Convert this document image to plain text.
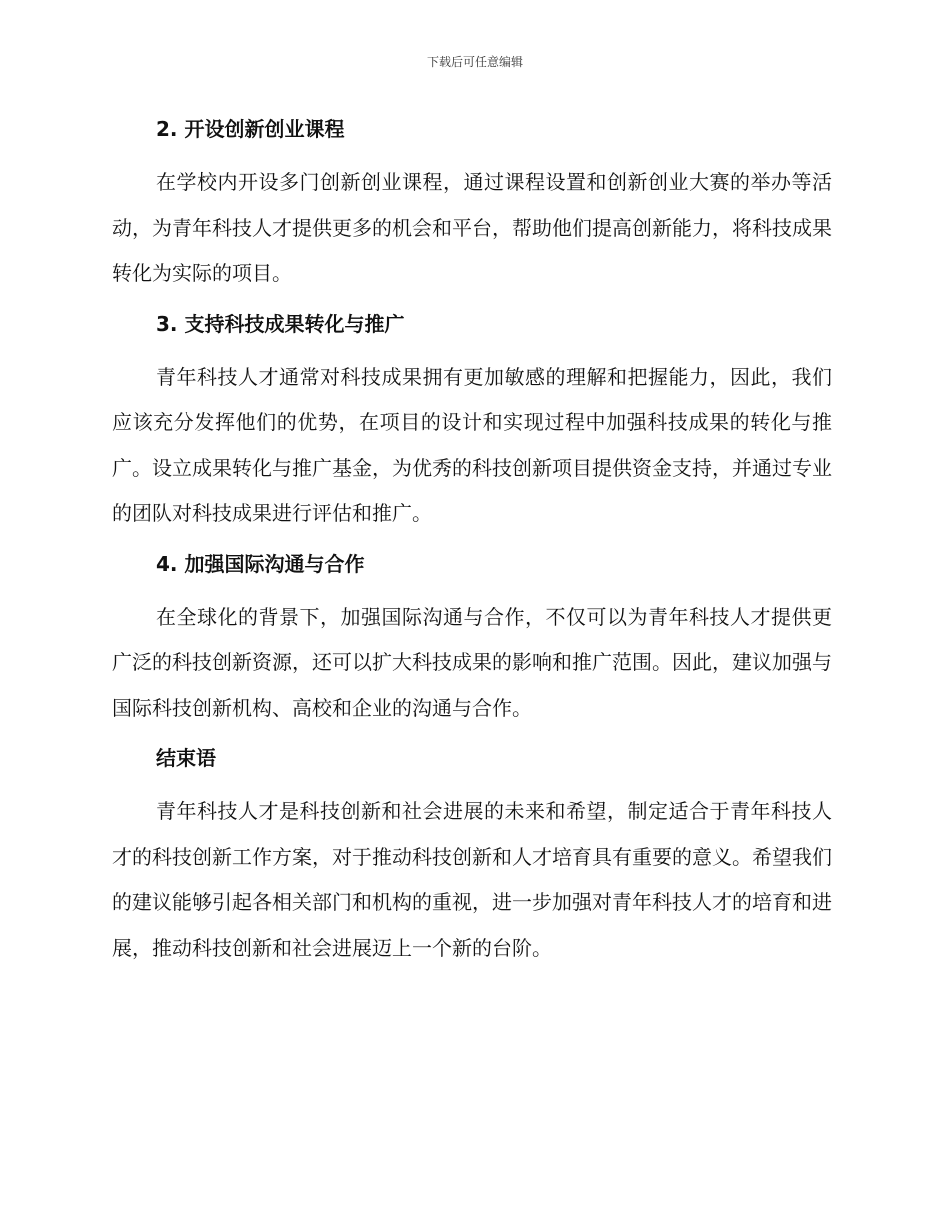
下载后可任意编辑
2. 开设创新创业课程

在学校内开设多门创新创业课程，通过课程设置和创新创业大赛的举办等活动，为青年科技人才提供更多的机会和平台，帮助他们提高创新能力，将科技成果转化为实际的项目。

3. 支持科技成果转化与推广

青年科技人才通常对科技成果拥有更加敏感的理解和把握能力，因此，我们应该充分发挥他们的优势，在项目的设计和实现过程中加强科技成果的转化与推广。设立成果转化与推广基金，为优秀的科技创新项目提供资金支持，并通过专业的团队对科技成果进行评估和推广。

4. 加强国际沟通与合作

在全球化的背景下，加强国际沟通与合作，不仅可以为青年科技人才提供更广泛的科技创新资源，还可以扩大科技成果的影响和推广范围。因此，建议加强与国际科技创新机构、高校和企业的沟通与合作。

结束语

青年科技人才是科技创新和社会进展的未来和希望，制定适合于青年科技人才的科技创新工作方案，对于推动科技创新和人才培育具有重要的意义。希望我们的建议能够引起各相关部门和机构的重视，进一步加强对青年科技人才的培育和进展，推动科技创新和社会进展迈上一个新的台阶。
